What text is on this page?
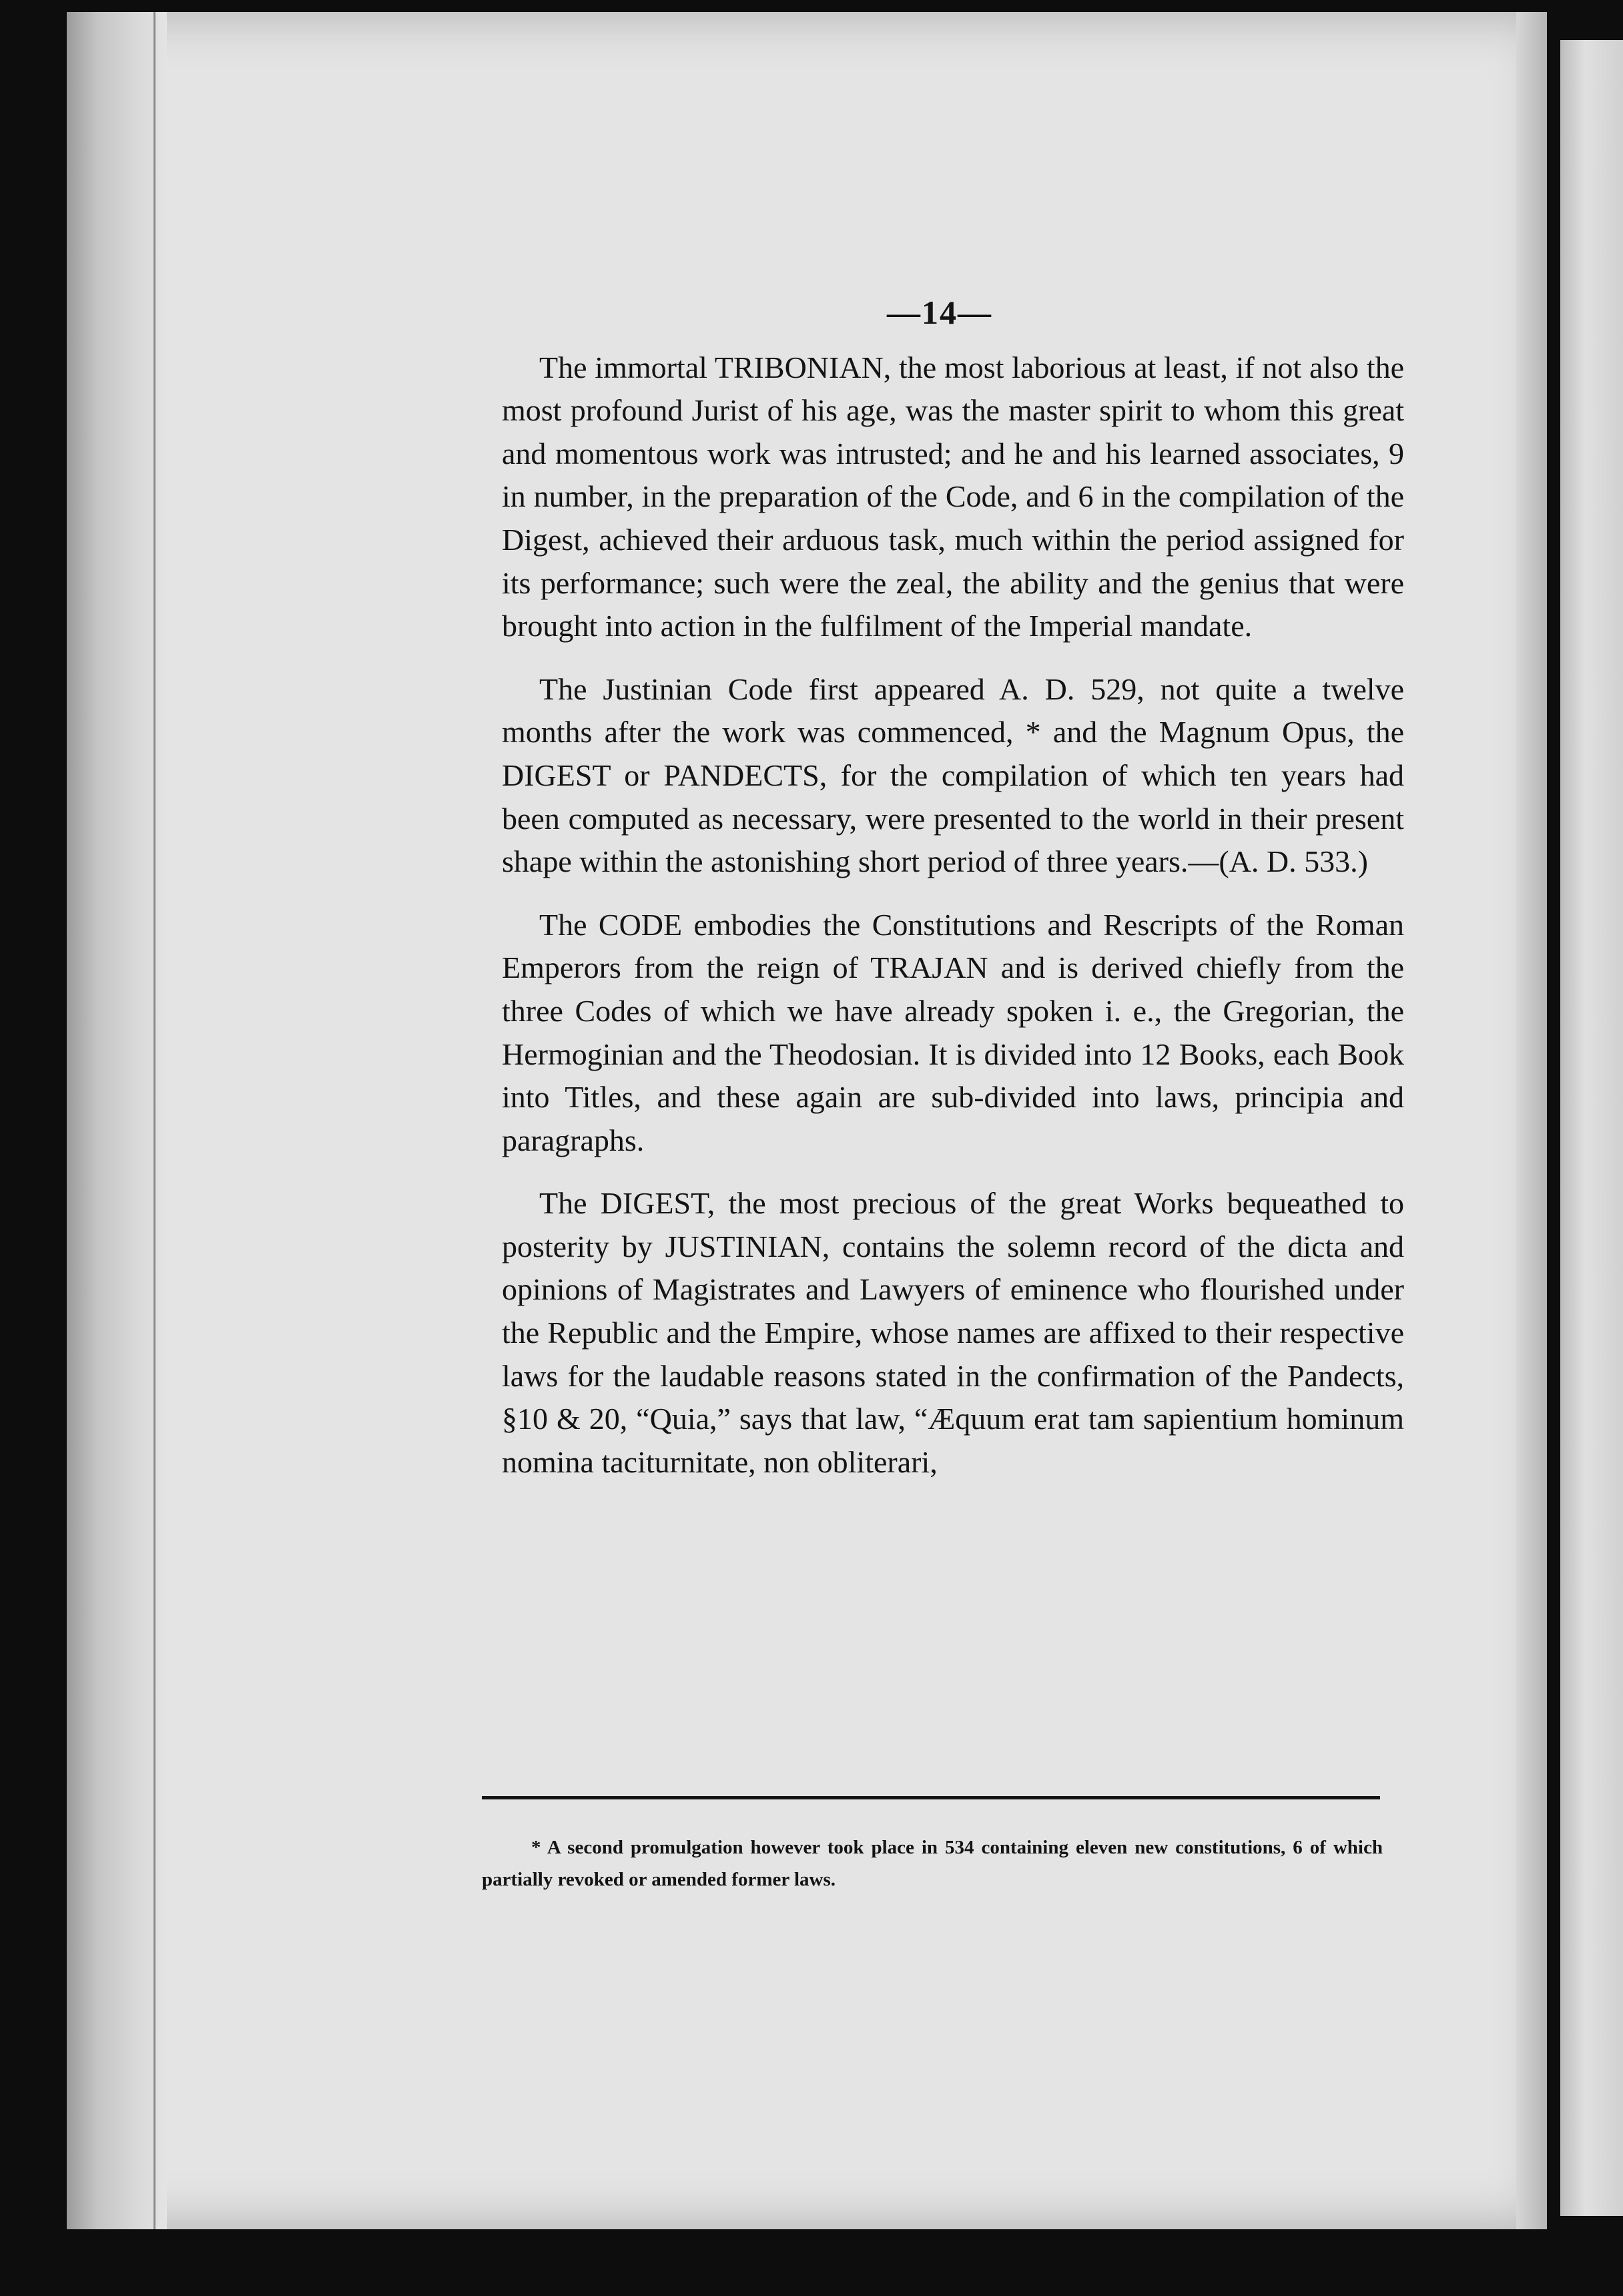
—14—

The immortal TRIBONIAN, the most laborious at least, if not also the most profound Jurist of his age, was the master spirit to whom this great and momentous work was intrusted; and he and his learned associates, 9 in number, in the preparation of the Code, and 6 in the compilation of the Digest, achieved their arduous task, much within the period assigned for its performance; such were the zeal, the ability and the genius that were brought into action in the fulfilment of the Imperial mandate.

The Justinian Code first appeared A. D. 529, not quite a twelve months after the work was commenced, * and the Magnum Opus, the DIGEST or PANDECTS, for the compilation of which ten years had been computed as necessary, were presented to the world in their present shape within the astonishing short period of three years.—(A. D. 533.)

The CODE embodies the Constitutions and Rescripts of the Roman Emperors from the reign of TRAJAN and is derived chiefly from the three Codes of which we have already spoken i. e., the Gregorian, the Hermoginian and the Theodosian. It is divided into 12 Books, each Book into Titles, and these again are sub-divided into laws, principia and paragraphs.

The DIGEST, the most precious of the great Works bequeathed to posterity by JUSTINIAN, contains the solemn record of the dicta and opinions of Magistrates and Lawyers of eminence who flourished under the Republic and the Empire, whose names are affixed to their respective laws for the laudable reasons stated in the confirmation of the Pandects, §10 & 20, “Quia,” says that law, “Æquum erat tam sapientium hominum nomina taciturnitate, non obliterari,

* A second promulgation however took place in 534 containing eleven new constitutions, 6 of which partially revoked or amended former laws.
